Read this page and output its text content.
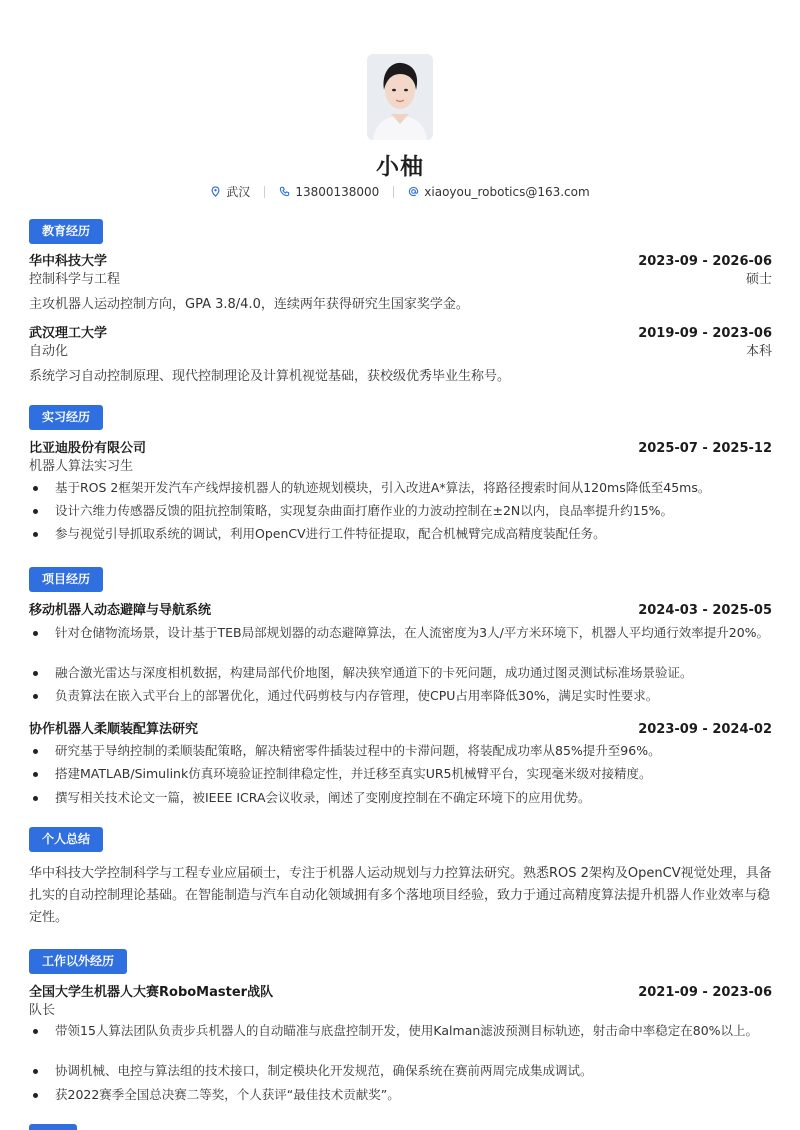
小柚
武汉	13800138000	xiaoyou_robotics@163.com
教育经历
华中科技大学	2023-09 - 2026-06
控制科学与工程	硕士
主攻机器人运动控制方向，GPA 3.8/4.0，连续两年获得研究生国家奖学金。
武汉理工大学	2019-09 - 2023-06
自动化	本科
系统学习自动控制原理、现代控制理论及计算机视觉基础，获校级优秀毕业生称号。
实习经历
比亚迪股份有限公司	2025-07 - 2025-12
机器人算法实习生
基于ROS 2框架开发汽车产线焊接机器人的轨迹规划模块，引入改进A*算法，将路径搜索时间从120ms降低至45ms。
设计六维力传感器反馈的阻抗控制策略，实现复杂曲面打磨作业的力波动控制在±2N以内，良品率提升约15%。
参与视觉引导抓取系统的调试，利用OpenCV进行工件特征提取，配合机械臂完成高精度装配任务。
项目经历
移动机器人动态避障与导航系统	2024-03 - 2025-05
针对仓储物流场景，设计基于TEB局部规划器的动态避障算法，在人流密度为3人/平方米环境下，机器人平均通行效率提升20%。
融合激光雷达与深度相机数据，构建局部代价地图，解决狭窄通道下的卡死问题，成功通过图灵测试标准场景验证。
负责算法在嵌入式平台上的部署优化，通过代码剪枝与内存管理，使CPU占用率降低30%，满足实时性要求。
协作机器人柔顺装配算法研究	2023-09 - 2024-02
研究基于导纳控制的柔顺装配策略，解决精密零件插装过程中的卡滞问题，将装配成功率从85%提升至96%。
搭建MATLAB/Simulink仿真环境验证控制律稳定性，并迁移至真实UR5机械臂平台，实现毫米级对接精度。
撰写相关技术论文一篇，被IEEE ICRA会议收录，阐述了变刚度控制在不确定环境下的应用优势。
个人总结
华中科技大学控制科学与工程专业应届硕士，专注于机器人运动规划与力控算法研究。熟悉ROS 2架构及OpenCV视觉处理，具备扎实的自动控制理论基础。在智能制造与汽车自动化领域拥有多个落地项目经验，致力于通过高精度算法提升机器人作业效率与稳定性。
工作以外经历
全国大学生机器人大赛RoboMaster战队	2021-09 - 2023-06
队长
带领15人算法团队负责步兵机器人的自动瞄准与底盘控制开发，使用Kalman滤波预测目标轨迹，射击命中率稳定在80%以上。
协调机械、电控与算法组的技术接口，制定模块化开发规范，确保系统在赛前两周完成集成调试。
获2022赛季全国总决赛二等奖，个人获评“最佳技术贡献奖”。
